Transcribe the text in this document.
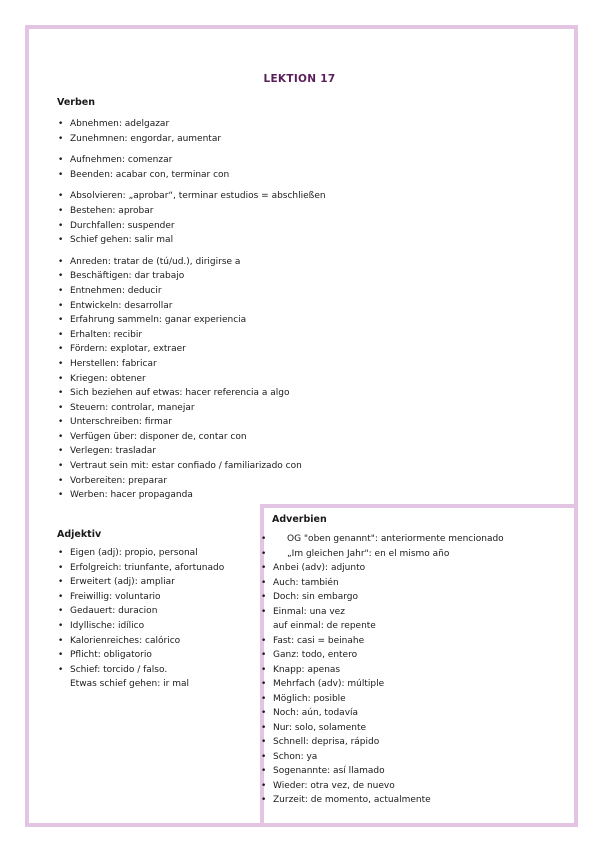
LEKTION 17
Verben
• Abnehmen: adelgazar
• Zunehmnen: engordar, aumentar
• Aufnehmen: comenzar
• Beenden: acabar con, terminar con
• Absolvieren: „aprobar“, terminar estudios = abschließen
• Bestehen: aprobar
• Durchfallen: suspender
• Schief gehen: salir mal
• Anreden: tratar de (tú/ud.), dirigirse a
• Beschäftigen: dar trabajo
• Entnehmen: deducir
• Entwickeln: desarrollar
• Erfahrung sammeln: ganar experiencia
• Erhalten: recibir
• Fördern: explotar, extraer
• Herstellen: fabricar
• Kriegen: obtener
• Sich beziehen auf etwas: hacer referencia a algo
• Steuern: controlar, manejar
• Unterschreiben: firmar
• Verfügen über: disponer de, contar con
• Verlegen: trasladar
• Vertraut sein mit: estar confiado / familiarizado con
• Vorbereiten: preparar
• Werben: hacer propaganda
Adjektiv
• Eigen (adj): propio, personal
• Erfolgreich: triunfante, afortunado
• Erweitert (adj): ampliar
• Freiwillig: voluntario
• Gedauert: duracion
• Idyllische: idílico
• Kalorienreiches: calórico
• Pflicht: obligatorio
• Schief: torcido / falso.
Etwas schief gehen: ir mal
Adverbien
• OG "oben genannt": anteriormente mencionado
• „Im gleichen Jahr": en el mismo año
• Anbei (adv): adjunto
• Auch: también
• Doch: sin embargo
• Einmal: una vez
auf einmal: de repente
• Fast: casi = beinahe
• Ganz: todo, entero
• Knapp: apenas
• Mehrfach (adv): múltiple
• Möglich: posible
• Noch: aún, todavía
• Nur: solo, solamente
• Schnell: deprisa, rápido
• Schon: ya
• Sogenannte: así llamado
• Wieder: otra vez, de nuevo
• Zurzeit: de momento, actualmente
